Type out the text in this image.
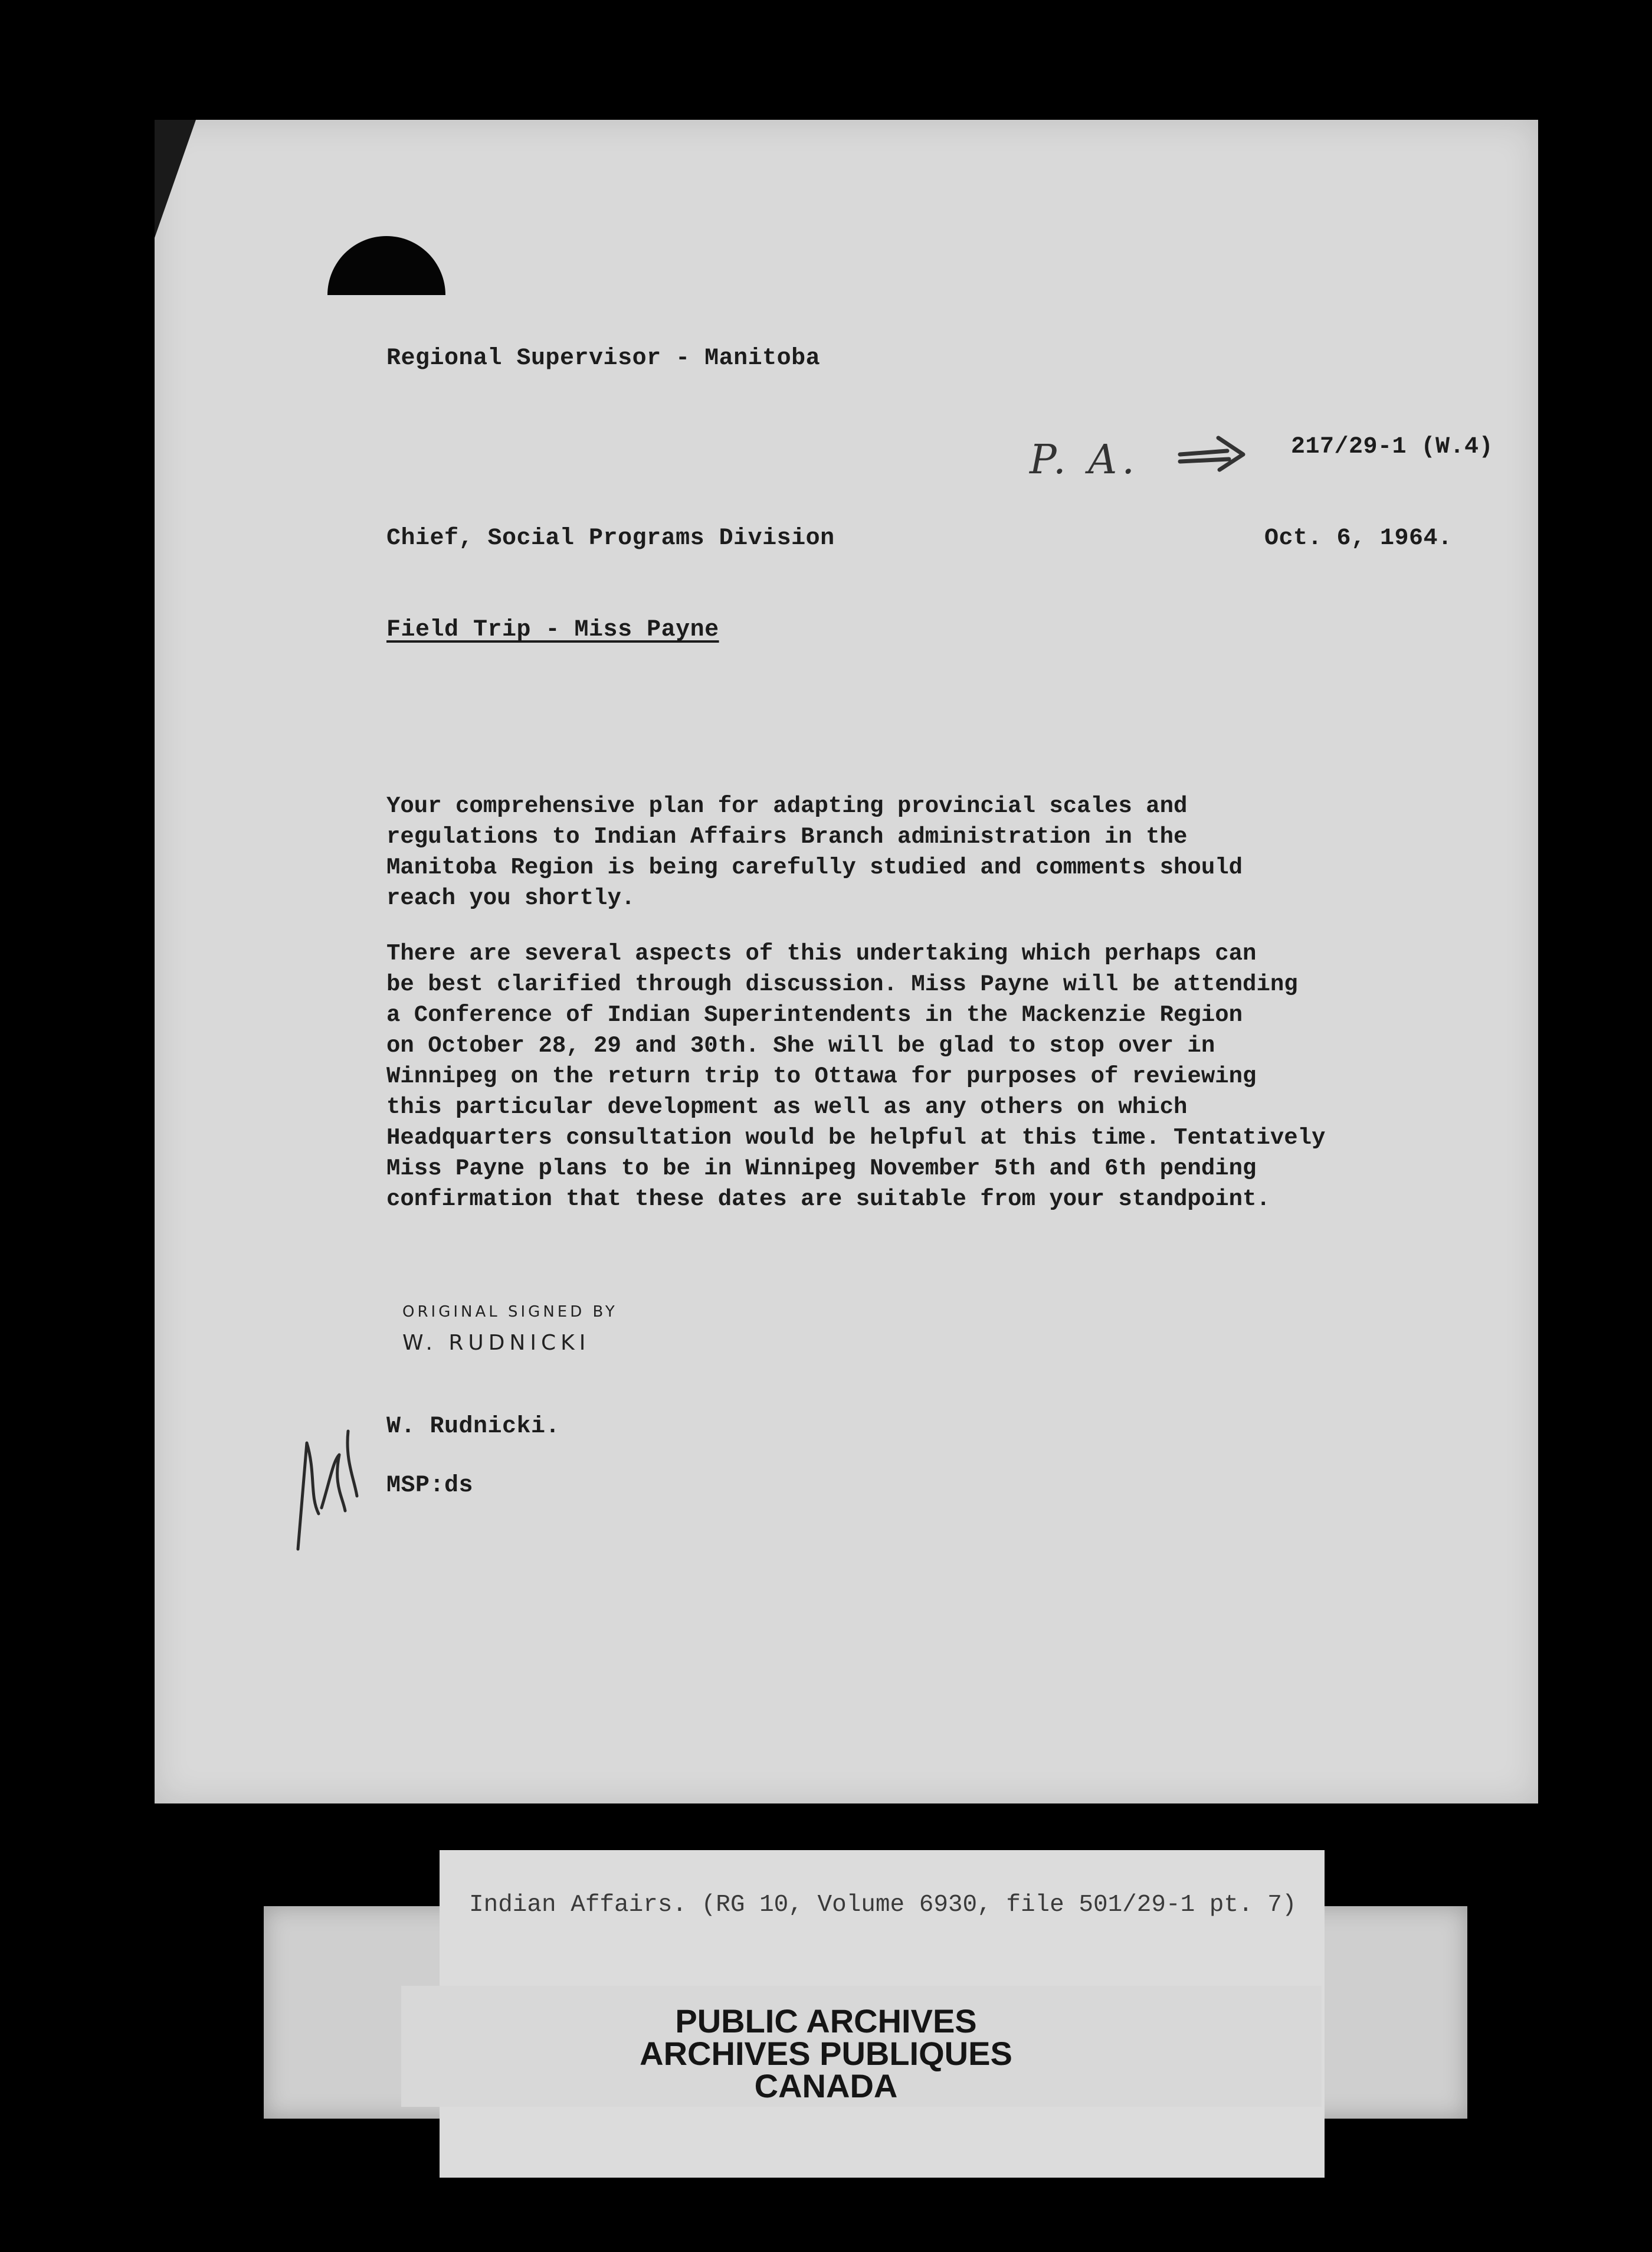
Regional Supervisor - Manitoba
P. A.	217/29-1 (W.4)
Chief, Social Programs Division	Oct. 6, 1964.
Field Trip - Miss Payne
Your comprehensive plan for adapting provincial scales and
regulations to Indian Affairs Branch administration in the
Manitoba Region is being carefully studied and comments should
reach you shortly.
There are several aspects of this undertaking which perhaps can
be best clarified through discussion. Miss Payne will be attending
a Conference of Indian Superintendents in the Mackenzie Region
on October 28, 29 and 30th. She will be glad to stop over in
Winnipeg on the return trip to Ottawa for purposes of reviewing
this particular development as well as any others on which
Headquarters consultation would be helpful at this time. Tentatively
Miss Payne plans to be in Winnipeg November 5th and 6th pending
confirmation that these dates are suitable from your standpoint.
ORIGINAL SIGNED BY
W. RUDNICKI
W. Rudnicki.
MSP:ds
Indian Affairs. (RG 10, Volume 6930, file 501/29-1 pt. 7)
PUBLIC ARCHIVES
ARCHIVES PUBLIQUES
CANADA
